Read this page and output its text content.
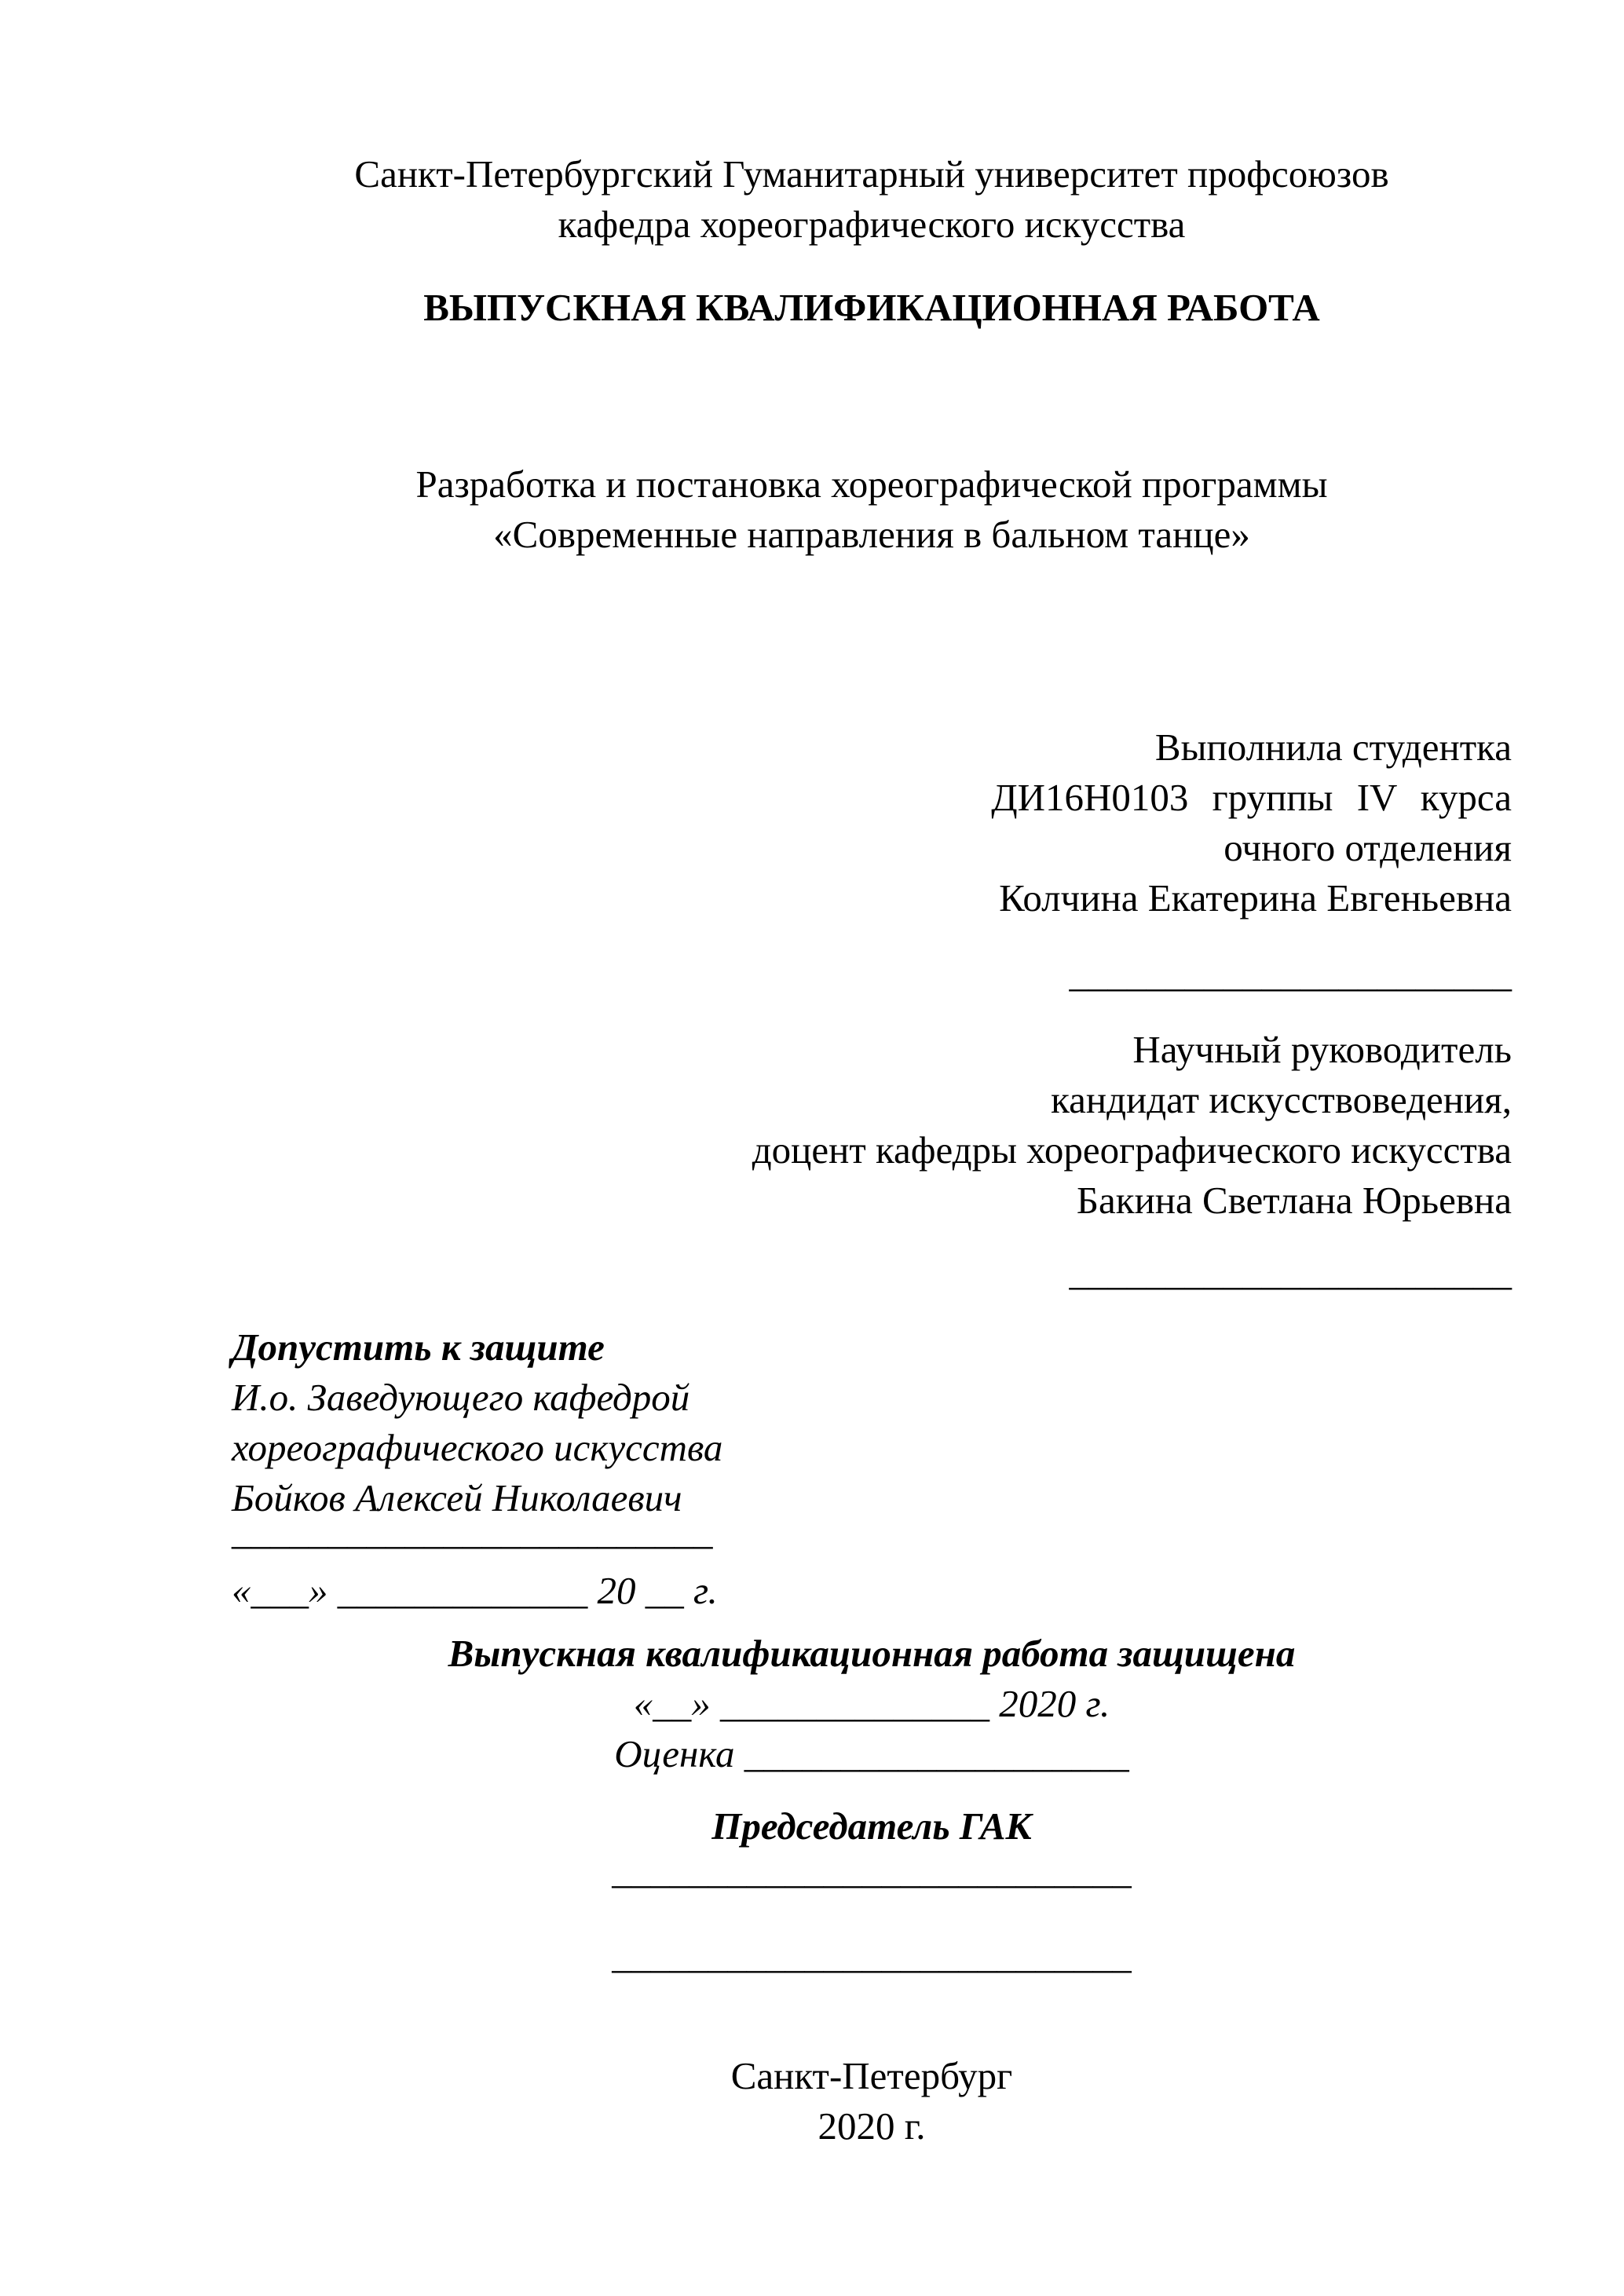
Санкт-Петербургский Гуманитарный университет профсоюзов
кафедра хореографического искусства
ВЫПУСКНАЯ КВАЛИФИКАЦИОННАЯ РАБОТА
Разработка и постановка хореографической программы
«Современные направления в бальном танце»
Выполнила студентка
ДИ16Н0103 группы IV курса
очного отделения
Колчина Екатерина Евгеньевна
_______________________
Научный руководитель
кандидат искусствоведения,
доцент кафедры хореографического искусства
Бакина Светлана Юрьевна
_______________________
Допустить к защите
И.о. Заведующего кафедрой
хореографического искусства
Бойков Алексей Николаевич
_________________________
«___» _____________ 20 __ г.
Выпускная квалификационная работа защищена
«__» ______________ 2020 г.
Оценка ____________________
Председатель ГАК
___________________________
___________________________
Санкт-Петербург
2020 г.
